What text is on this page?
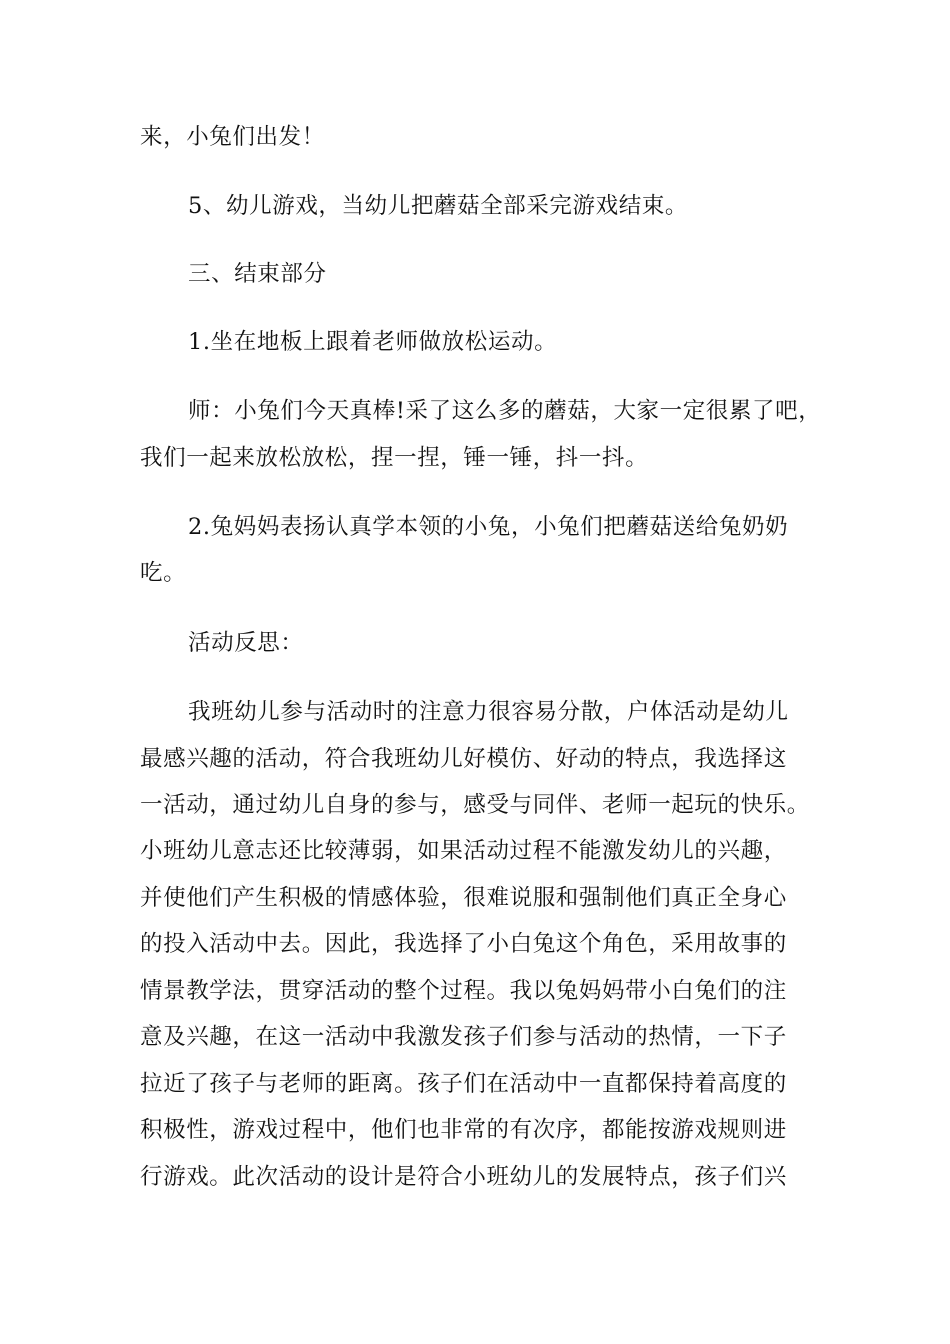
来，小兔们出发！
5、幼儿游戏，当幼儿把蘑菇全部采完游戏结束。
三、结束部分
1.坐在地板上跟着老师做放松运动。
师：小兔们今天真棒!采了这么多的蘑菇，大家一定很累了吧，
我们一起来放松放松，捏一捏，锤一锤，抖一抖。
2.兔妈妈表扬认真学本领的小兔，小兔们把蘑菇送给兔奶奶
吃。
活动反思：
我班幼儿参与活动时的注意力很容易分散，户体活动是幼儿
最感兴趣的活动，符合我班幼儿好模仿、好动的特点，我选择这
一活动，通过幼儿自身的参与，感受与同伴、老师一起玩的快乐。
小班幼儿意志还比较薄弱，如果活动过程不能激发幼儿的兴趣，
并使他们产生积极的情感体验，很难说服和强制他们真正全身心
的投入活动中去。因此，我选择了小白兔这个角色，采用故事的
情景教学法，贯穿活动的整个过程。我以兔妈妈带小白兔们的注
意及兴趣，在这一活动中我激发孩子们参与活动的热情，一下子
拉近了孩子与老师的距离。孩子们在活动中一直都保持着高度的
积极性，游戏过程中，他们也非常的有次序，都能按游戏规则进
行游戏。此次活动的设计是符合小班幼儿的发展特点，孩子们兴
